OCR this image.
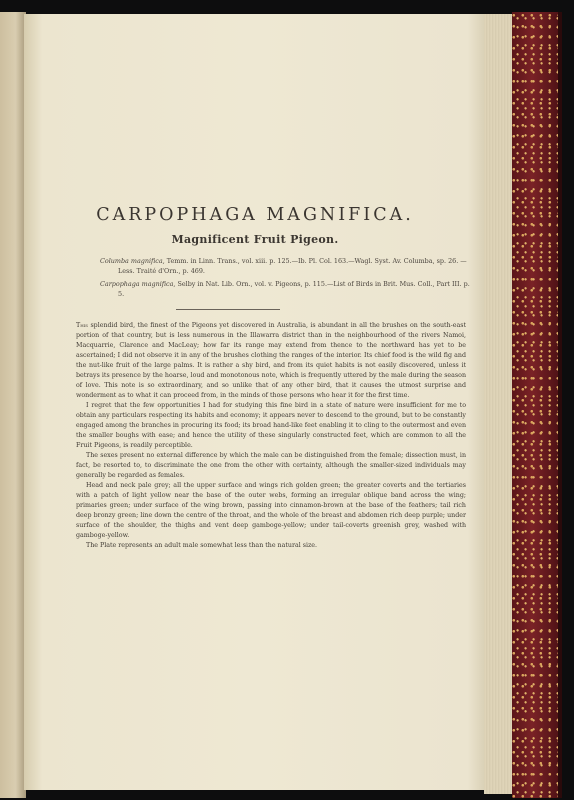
CARPOPHAGA MAGNIFICA.
Magnificent Fruit Pigeon.
Columba magnifica, Temm. in Linn. Trans., vol. xiii. p. 125.—Ib. Pl. Col. 163.—Wagl. Syst. Av. Columba, sp. 26. —Less. Traité d'Orn., p. 469.
Carpophaga magnifica, Selby in Nat. Lib. Orn., vol. v. Pigeons, p. 115.—List of Birds in Brit. Mus. Coll., Part III. p. 5.

This splendid bird, the finest of the Pigeons yet discovered in Australia, is abundant in all the brushes on the south-east portion of that country, but is less numerous in the Illawarra district than in the neighbourhood of the rivers Namoi, Macquarrie, Clarence and MacLeay; how far its range may extend from thence to the northward has yet to be ascertained; I did not observe it in any of the brushes clothing the ranges of the interior. Its chief food is the wild fig and the nut-like fruit of the large palms. It is rather a shy bird, and from its quiet habits is not easily discovered, unless it betrays its presence by the hoarse, loud and monotonous note, which is frequently uttered by the male during the season of love. This note is so extraordinary, and so unlike that of any other bird, that it causes the utmost surprise and wonderment as to what it can proceed from, in the minds of those persons who hear it for the first time.

I regret that the few opportunities I had for studying this fine bird in a state of nature were insufficient for me to obtain any particulars respecting its habits and economy; it appears never to descend to the ground, but to be constantly engaged among the branches in procuring its food; its broad hand-like feet enabling it to cling to the outermost and even the smaller boughs with ease; and hence the utility of these singularly constructed feet, which are common to all the Fruit Pigeons, is readily perceptible.

The sexes present no external difference by which the male can be distinguished from the female; dissection must, in fact, be resorted to, to discriminate the one from the other with certainty, although the smaller-sized individuals may generally be regarded as females.

Head and neck pale grey; all the upper surface and wings rich golden green; the greater coverts and the tertiaries with a patch of light yellow near the base of the outer webs, forming an irregular oblique band across the wing; primaries green; under surface of the wing brown, passing into cinnamon-brown at the base of the feathers; tail rich deep bronzy green; line down the centre of the throat, and the whole of the breast and abdomen rich deep purple; under surface of the shoulder, the thighs and vent deep gamboge-yellow; under tail-coverts greenish grey, washed with gamboge-yellow.

The Plate represents an adult male somewhat less than the natural size.
